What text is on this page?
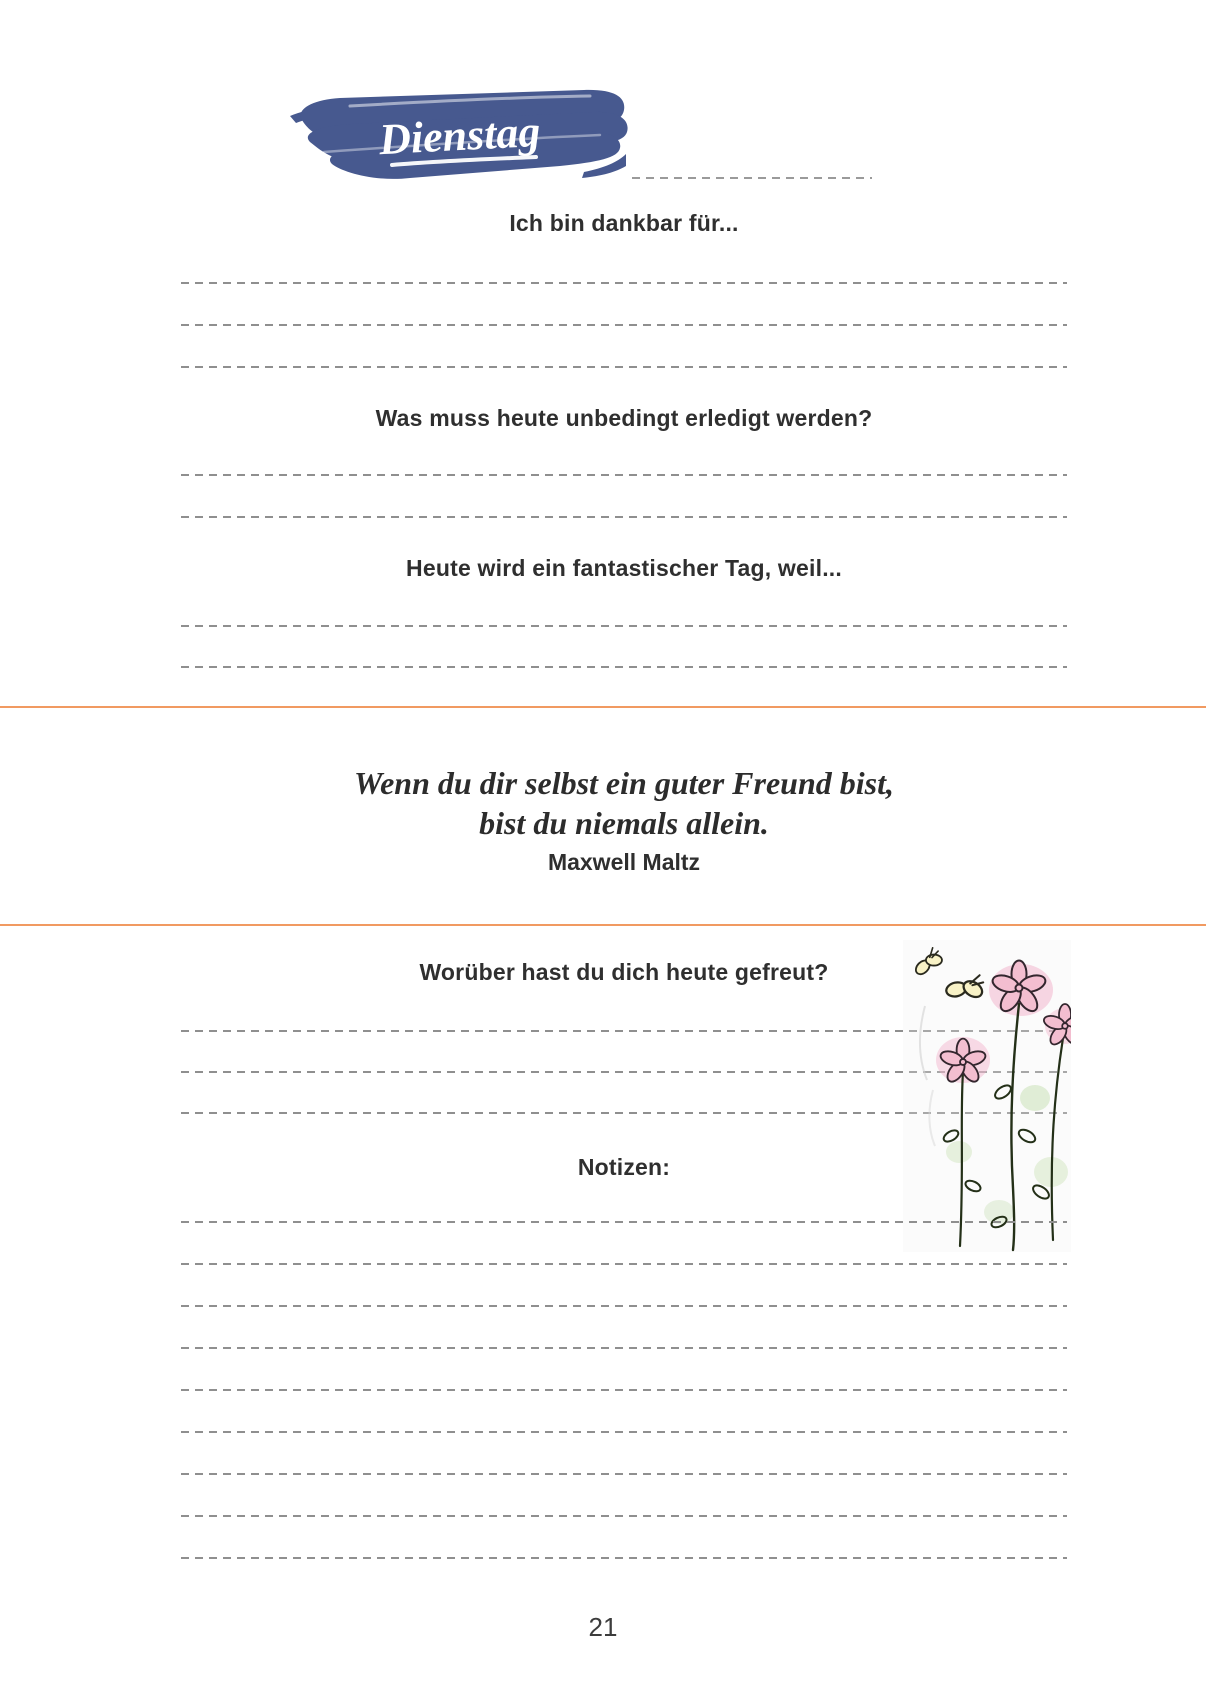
Dienstag
Ich bin dankbar für...
Was muss heute unbedingt erledigt werden?
Heute wird ein fantastischer Tag, weil...
Wenn du dir selbst ein guter Freund bist,
bist du niemals allein.
Maxwell Maltz
Worüber hast du dich heute gefreut?
Notizen:
21
